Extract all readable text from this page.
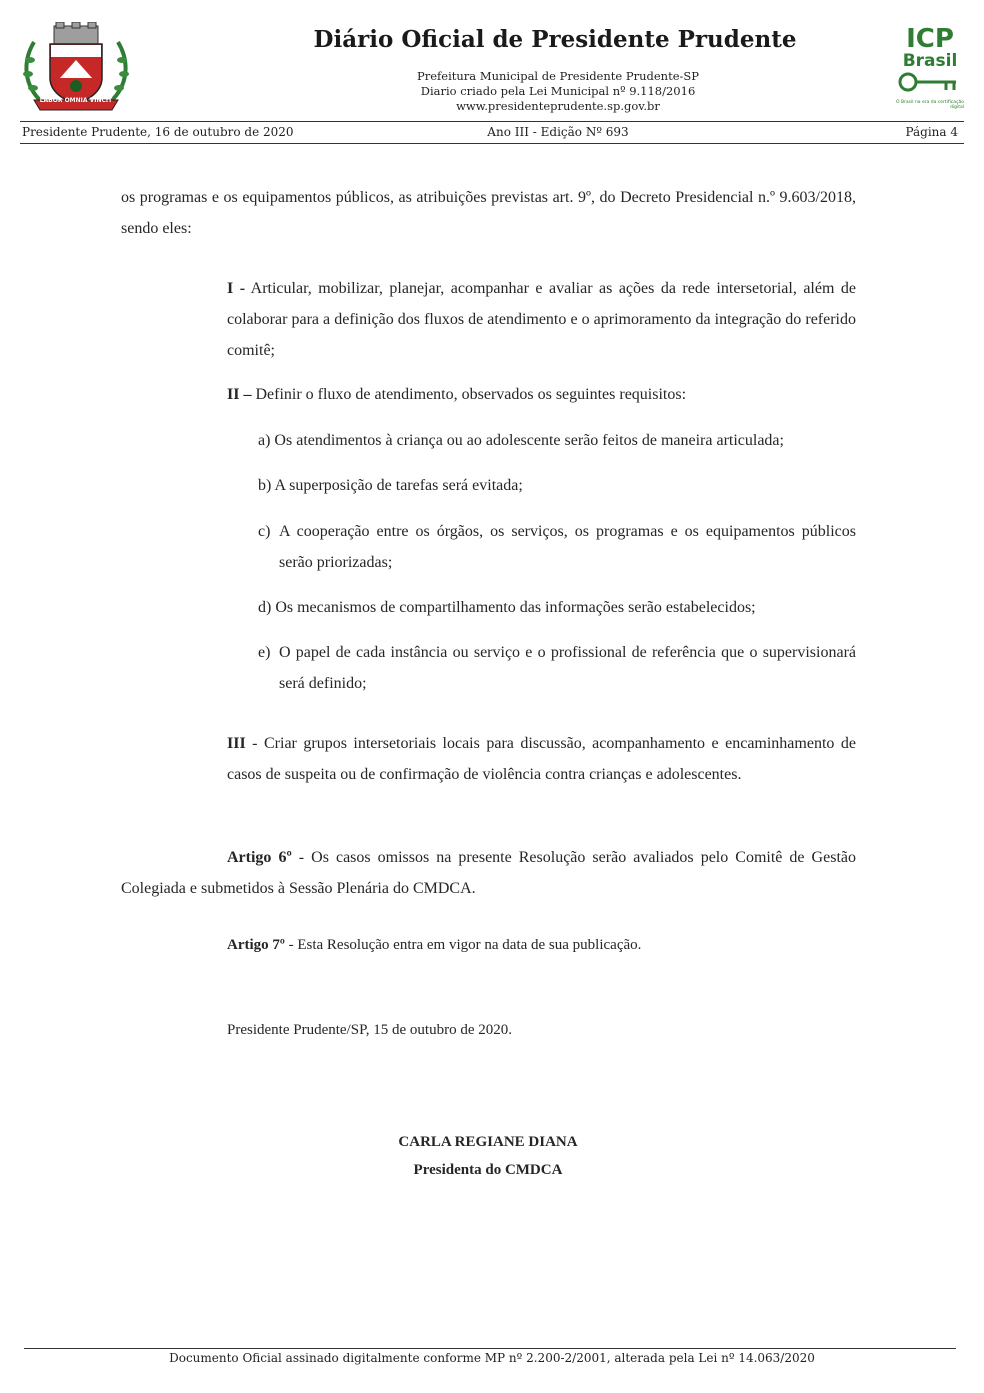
LABOR OMNIA VINCIT
Diário Oficial de Presidente Prudente
Prefeitura Municipal de Presidente Prudente-SP
Diario criado pela Lei Municipal nº 9.118/2016
www.presidenteprudente.sp.gov.br
ICP
Brasil
O Brasil na era da certificação digital
Presidente Prudente, 16 de outubro de 2020	Ano III - Edição Nº 693	Página 4
os programas e os equipamentos públicos, as atribuições previstas art. 9º, do Decreto Presidencial n.º 9.603/2018, sendo eles:
I - Articular, mobilizar, planejar, acompanhar e avaliar as ações da rede intersetorial, além de colaborar para a definição dos fluxos de atendimento e o aprimoramento da integração do referido comitê;
II – Definir o fluxo de atendimento, observados os seguintes requisitos:
a) Os atendimentos à criança ou ao adolescente serão feitos de maneira articulada;
b) A superposição de tarefas será evitada;
c) A cooperação entre os órgãos, os serviços, os programas e os equipamentos públicos serão priorizadas;
d) Os mecanismos de compartilhamento das informações serão estabelecidos;
e) O papel de cada instância ou serviço e o profissional de referência que o supervisionará será definido;
III - Criar grupos intersetoriais locais para discussão, acompanhamento e encaminhamento de casos de suspeita ou de confirmação de violência contra crianças e adolescentes.
Artigo 6º - Os casos omissos na presente Resolução serão avaliados pelo Comitê de Gestão Colegiada e submetidos à Sessão Plenária do CMDCA.
Artigo 7º - Esta Resolução entra em vigor na data de sua publicação.
Presidente Prudente/SP, 15 de outubro de 2020.
CARLA REGIANE DIANA
Presidenta do CMDCA
Documento Oficial assinado digitalmente conforme MP nº 2.200-2/2001, alterada pela Lei nº 14.063/2020
